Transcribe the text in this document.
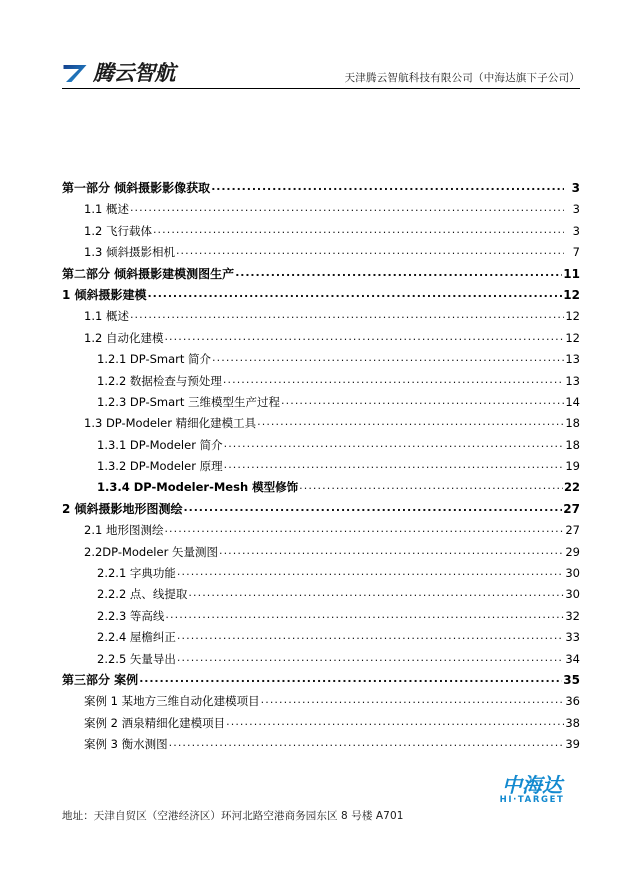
腾云智航	天津腾云智航科技有限公司（中海达旗下子公司）
第一部分 倾斜摄影影像获取 .....	3
1.1 概述 .....	3
1.2 飞行载体 .....	3
1.3 倾斜摄影相机 .....	7
第二部分 倾斜摄影建模测图生产 .....	11
1 倾斜摄影建模 .....	12
1.1 概述 .....	12
1.2 自动化建模 .....	12
1.2.1 DP-Smart 简介 .....	13
1.2.2 数据检查与预处理 .....	13
1.2.3 DP-Smart 三维模型生产过程 .....	14
1.3 DP-Modeler 精细化建模工具 .....	18
1.3.1 DP-Modeler 简介 .....	18
1.3.2 DP-Modeler 原理 .....	19
1.3.4 DP-Modeler-Mesh 模型修饰 .....	22
2 倾斜摄影地形图测绘 .....	27
2.1 地形图测绘 .....	27
2.2DP-Modeler 矢量测图 .....	29
2.2.1 字典功能 .....	30
2.2.2 点、线提取 .....	30
2.2.3 等高线 .....	32
2.2.4 屋檐纠正 .....	33
2.2.5 矢量导出 .....	34
第三部分 案例 .....	35
案例 1 某地方三维自动化建模项目 .....	36
案例 2 酒泉精细化建模项目 .....	38
案例 3 衡水测图 .....	39
中海达
HI·TARGET
地址：天津自贸区（空港经济区）环河北路空港商务园东区 8 号楼 A701
